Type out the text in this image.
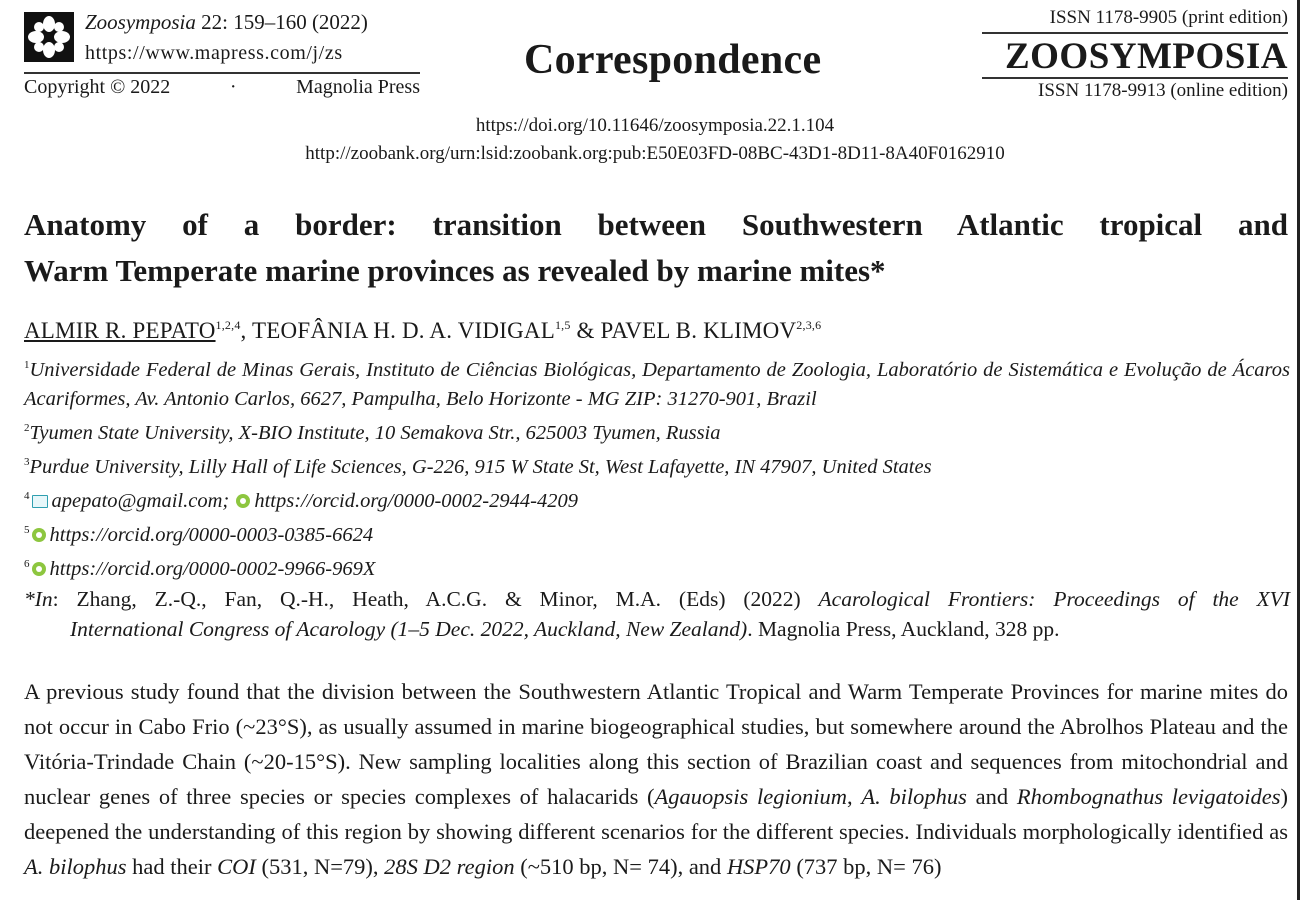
Zoosymposia 22: 159–160 (2022)
https://www.mapress.com/j/zs
Copyright © 2022	·	Magnolia Press
Correspondence
ISSN 1178-9905 (print edition)
ZOOSYMPOSIA
ISSN 1178-9913 (online edition)
https://doi.org/10.11646/zoosymposia.22.1.104
http://zoobank.org/urn:lsid:zoobank.org:pub:E50E03FD-08BC-43D1-8D11-8A40F0162910
Anatomy of a border: transition between Southwestern Atlantic tropical and
Warm Temperate marine provinces as revealed by marine mites*
ALMIR R. PEPATO$^{1,2,4}$, TEOFÂNIA H. D. A. VIDIGAL$^{1,5}$ & PAVEL B. KLIMOV$^{2,3,6}$
$^1$Universidade Federal de Minas Gerais, Instituto de Ciências Biológicas, Departamento de Zoologia, Laboratório de Sistemática e Evolução de Ácaros Acariformes, Av. Antonio Carlos, 6627, Pampulha, Belo Horizonte - MG ZIP: 31270-901, Brazil
$^2$Tyumen State University, X-BIO Institute, 10 Semakova Str., 625003 Tyumen, Russia
$^3$Purdue University, Lilly Hall of Life Sciences, G-226, 915 W State St, West Lafayette, IN 47907, United States
$^4$ apepato@gmail.com; https://orcid.org/0000-0002-2944-4209
$^5$ https://orcid.org/0000-0003-0385-6624
$^6$ https://orcid.org/0000-0002-9966-969X
*In: Zhang, Z.-Q., Fan, Q.-H., Heath, A.C.G. & Minor, M.A. (Eds) (2022) Acarological Frontiers: Proceedings of the XVI
International Congress of Acarology (1–5 Dec. 2022, Auckland, New Zealand). Magnolia Press, Auckland, 328 pp.
A previous study found that the division between the Southwestern Atlantic Tropical and Warm Temperate Provinces for marine mites do not occur in Cabo Frio (~23°S), as usually assumed in marine biogeographical studies, but somewhere around the Abrolhos Plateau and the Vitória-Trindade Chain (~20-15°S). New sampling localities along this section of Brazilian coast and sequences from mitochondrial and nuclear genes of three species or species complexes of halacarids (Agauopsis legionium, A. bilophus and Rhombognathus levigatoides) deepened the understanding of this region by showing different scenarios for the different species. Individuals morphologically identified as A. bilophus had their COI (531, N=79), 28S D2 region (~510 bp, N= 74), and HSP70 (737 bp, N= 76)
